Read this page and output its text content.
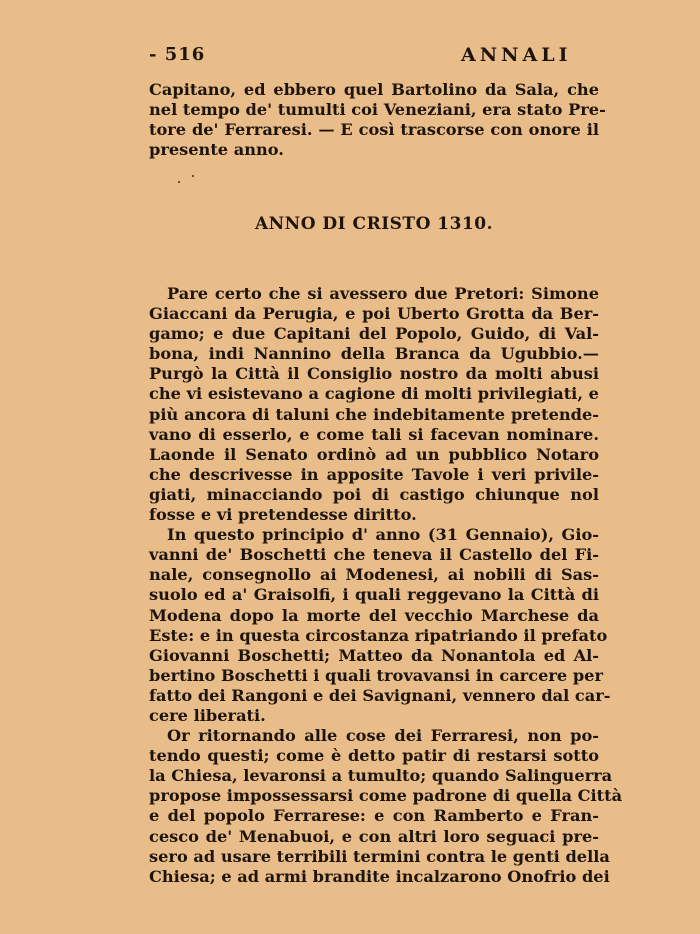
- 516	ANNALI
Capitano, ed ebbero quel Bartolino da Sala, che
nel tempo de' tumulti coi Veneziani, era stato Pre-
tore de' Ferraresi. — E così trascorse con onore il
presente anno.
ANNO DI CRISTO 1310.
Pare certo che si avessero due Pretori: Simone
Giaccani da Perugia, e poi Uberto Grotta da Ber-
gamo; e due Capitani del Popolo, Guido, di Val-
bona, indi Nannino della Branca da Ugubbio.—
Purgò la Città il Consiglio nostro da molti abusi
che vi esistevano a cagione di molti privilegiati, e
più ancora di taluni che indebitamente pretende-
vano di esserlo, e come tali si facevan nominare.
Laonde il Senato ordinò ad un pubblico Notaro
che descrivesse in apposite Tavole i veri privile-
giati, minacciando poi di castigo chiunque nol
fosse e vi pretendesse diritto.
In questo principio d' anno (31 Gennaio), Gio-
vanni de' Boschetti che teneva il Castello del Fi-
nale, consegnollo ai Modenesi, ai nobili di Sas-
suolo ed a' Graisolfi, i quali reggevano la Città di
Modena dopo la morte del vecchio Marchese da
Este: e in questa circostanza ripatriando il prefato
Giovanni Boschetti; Matteo da Nonantola ed Al-
bertino Boschetti i quali trovavansi in carcere per
fatto dei Rangoni e dei Savignani, vennero dal car-
cere liberati.
Or ritornando alle cose dei Ferraresi, non po-
tendo questi; come è detto patir di restarsi sotto
la Chiesa, levaronsi a tumulto; quando Salinguerra
propose impossessarsi come padrone di quella Città
e del popolo Ferrarese: e con Ramberto e Fran-
cesco de' Menabuoi, e con altri loro seguaci pre-
sero ad usare terribili termini contra le genti della
Chiesa; e ad armi brandite incalzarono Onofrio dei
